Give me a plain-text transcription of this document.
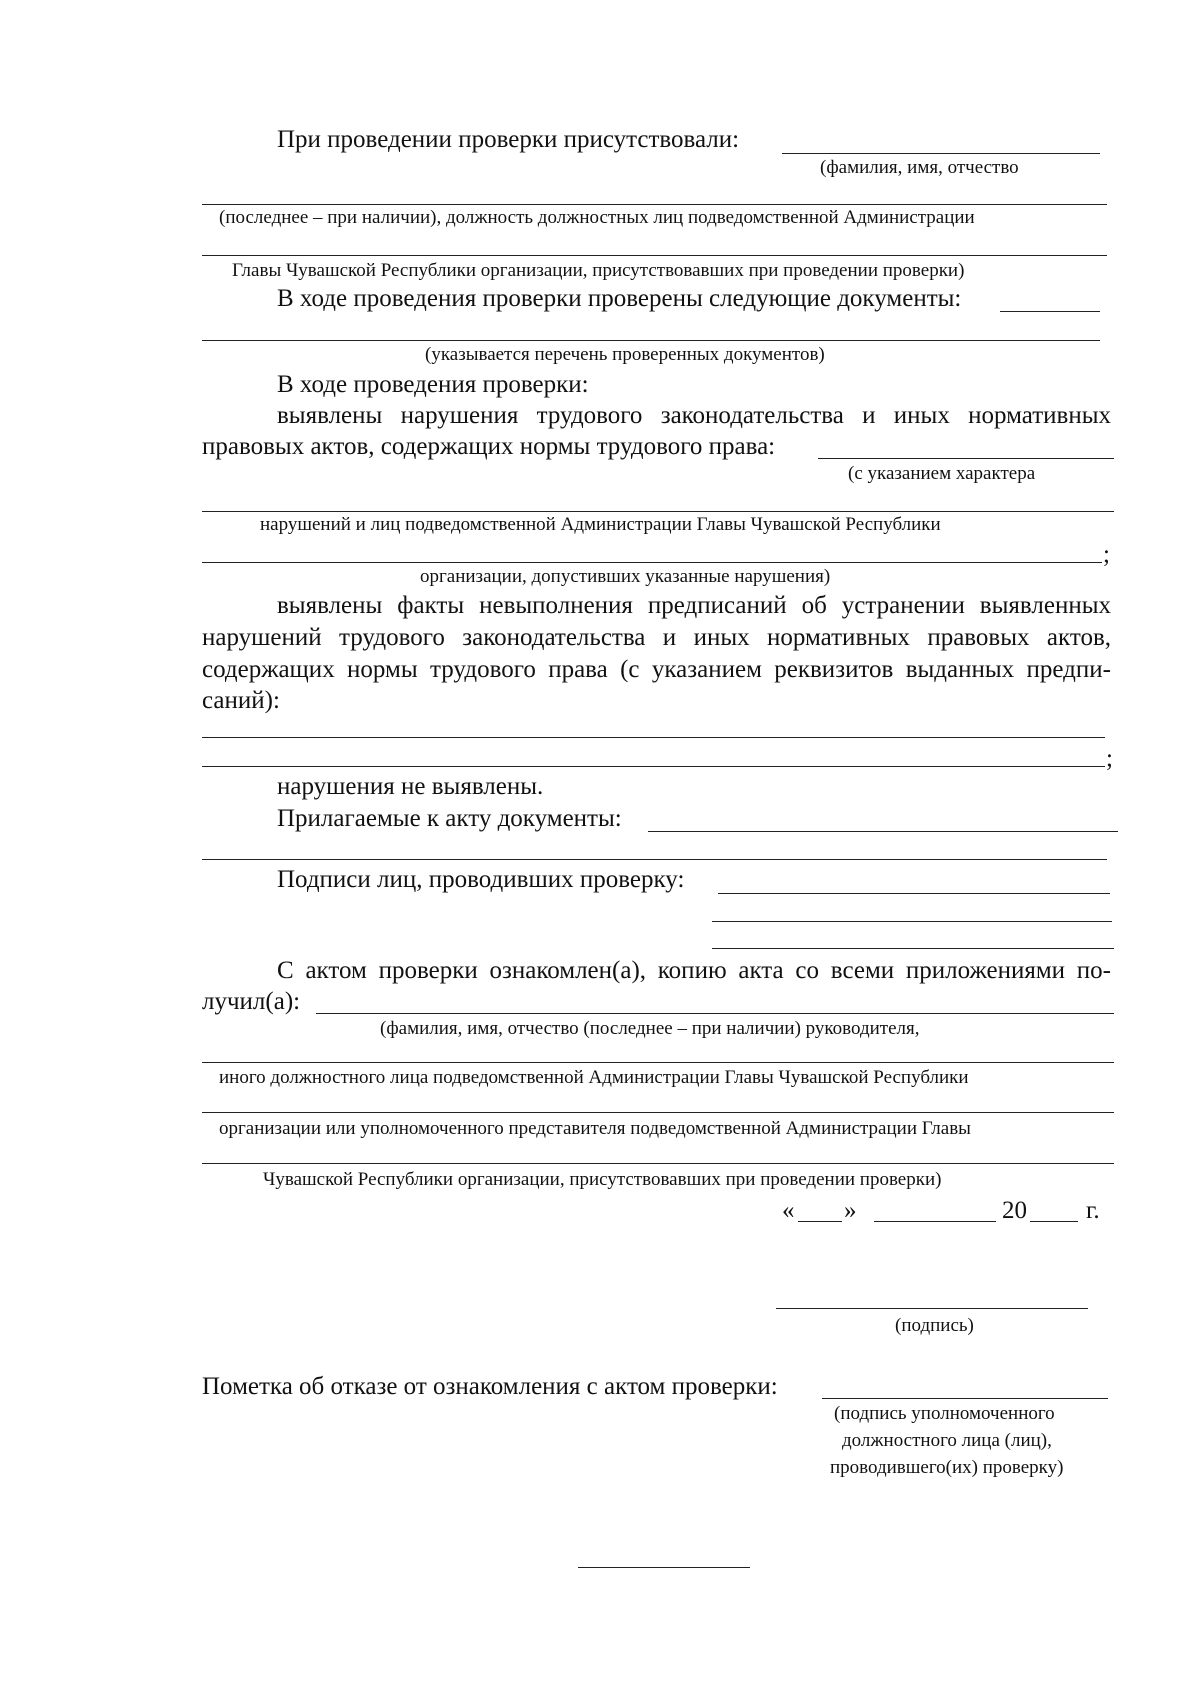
При проведении проверки присутствовали:
(фамилия, имя, отчество
(последнее – при наличии), должность должностных лиц подведомственной Администрации
Главы Чувашской Республики организации, присутствовавших при проведении проверки)
В ходе проведения проверки проверены следующие документы:
(указывается перечень проверенных документов)
В ходе проведения проверки:
выявлены нарушения трудового законодательства и иных нормативных
правовых актов, содержащих нормы трудового права:
(с указанием характера
нарушений и лиц подведомственной Администрации Главы Чувашской Республики
;
организации, допустивших указанные нарушения)
выявлены факты невыполнения предписаний об устранении выявленных
нарушений трудового законодательства и иных нормативных правовых актов,
содержащих нормы трудового права (с указанием реквизитов выданных предпи-
саний):
;
нарушения не выявлены.
Прилагаемые к акту документы:
Подписи лиц, проводивших проверку:
С актом проверки ознакомлен(а), копию акта со всеми приложениями по-
лучил(а):
(фамилия, имя, отчество (последнее – при наличии) руководителя,
иного должностного лица подведомственной Администрации Главы Чувашской Республики
организации или уполномоченного представителя подведомственной Администрации Главы
Чувашской Республики организации, присутствовавших при проведении проверки)
« »	20 г.
(подпись)
Пометка об отказе от ознакомления с актом проверки:
(подпись уполномоченного
должностного лица (лиц),
проводившего(их) проверку)
